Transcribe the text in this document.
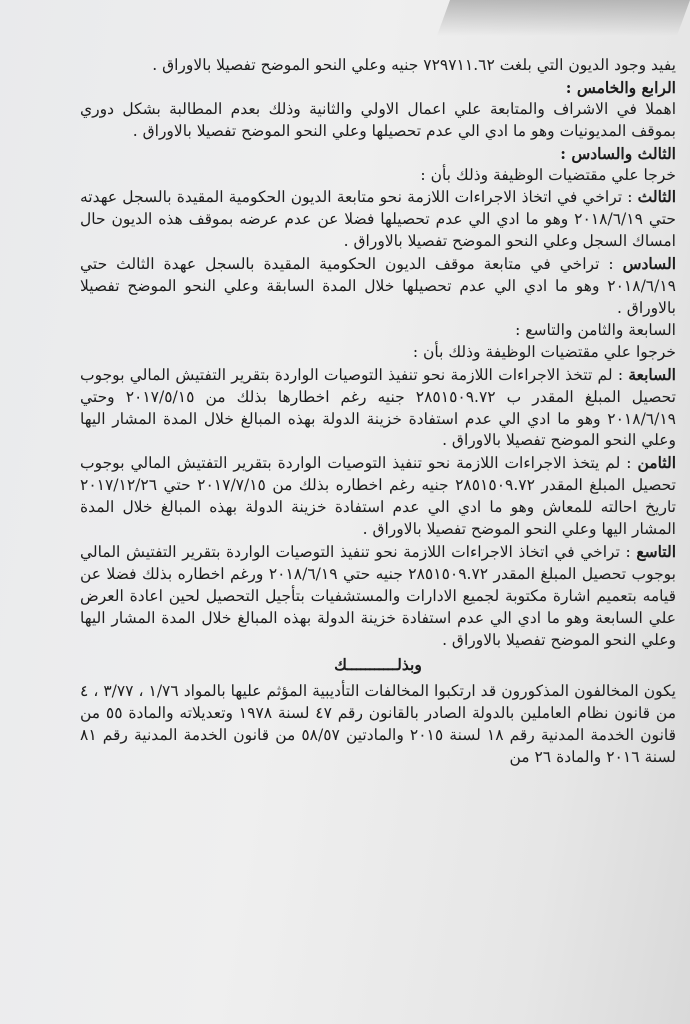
يفيد وجود الديون التي بلغت ٧٢٩٧١١.٦٢ جنيه وعلي النحو الموضح تفصيلا بالاوراق .

الرابع والخامس :

اهملا في الاشراف والمتابعة علي اعمال الاولي والثانية وذلك بعدم المطالبة بشكل دوري بموقف المديونيات وهو ما ادي الي عدم تحصيلها وعلي النحو الموضح تفصيلا بالاوراق .

الثالث والسادس :

خرجا علي مقتضيات الوظيفة وذلك بأن :

الثالث : تراخي في اتخاذ الاجراءات اللازمة نحو متابعة الديون الحكومية المقيدة بالسجل عهدته حتي ٢٠١٨/٦/١٩ وهو ما ادي الي عدم تحصيلها فضلا عن عدم عرضه بموقف هذه الديون حال امساك السجل وعلي النحو الموضح تفصيلا بالاوراق .

السادس : تراخي في متابعة موقف الديون الحكومية المقيدة بالسجل عهدة الثالث حتي ٢٠١٨/٦/١٩ وهو ما ادي الي عدم تحصيلها خلال المدة السابقة وعلي النحو الموضح تفصيلا بالاوراق .

السابعة والثامن والتاسع :

خرجوا علي مقتضيات الوظيفة وذلك بأن :

السابعة : لم تتخذ الاجراءات اللازمة نحو تنفيذ التوصيات الواردة بتقرير التفتيش المالي بوجوب تحصيل المبلغ المقدر ب ٢٨٥١٥٠٩.٧٢ جنيه رغم اخطارها بذلك من ٢٠١٧/٥/١٥ وحتي ٢٠١٨/٦/١٩ وهو ما ادي الي عدم استفادة خزينة الدولة بهذه المبالغ خلال المدة المشار اليها وعلي النحو الموضح تفصيلا بالاوراق .

الثامن : لم يتخذ الاجراءات اللازمة نحو تنفيذ التوصيات الواردة بتقرير التفتيش المالي بوجوب تحصيل المبلغ المقدر ٢٨٥١٥٠٩.٧٢ جنيه رغم اخطاره بذلك من ٢٠١٧/٧/١٥ حتي ٢٠١٧/١٢/٢٦ تاريخ احالته للمعاش وهو ما ادي الي عدم استفادة خزينة الدولة بهذه المبالغ خلال المدة المشار اليها وعلي النحو الموضح تفصيلا بالاوراق .

التاسع : تراخي في اتخاذ الاجراءات اللازمة نحو تنفيذ التوصيات الواردة بتقرير التفتيش المالي بوجوب تحصيل المبلغ المقدر ٢٨٥١٥٠٩.٧٢ جنيه حتي ٢٠١٨/٦/١٩ ورغم اخطاره بذلك فضلا عن قيامه بتعميم اشارة مكتوبة لجميع الادارات والمستشفيات بتأجيل التحصيل لحين اعادة العرض علي السابعة وهو ما ادي الي عدم استفادة خزينة الدولة بهذه المبالغ خلال المدة المشار اليها وعلي النحو الموضح تفصيلا بالاوراق .

وبذلـــــــــــك

يكون المخالفون المذكورون قد ارتكبوا المخالفات التأديبية المؤثم عليها بالمواد ١/٧٦ ، ٣/٧٧ ، ٤ من قانون نظام العاملين بالدولة الصادر بالقانون رقم ٤٧ لسنة ١٩٧٨ وتعديلاته والمادة ٥٥ من قانون الخدمة المدنية رقم ١٨ لسنة ٢٠١٥ والمادتين ٥٨/٥٧ من قانون الخدمة المدنية رقم ٨١ لسنة ٢٠١٦ والمادة ٢٦ من
